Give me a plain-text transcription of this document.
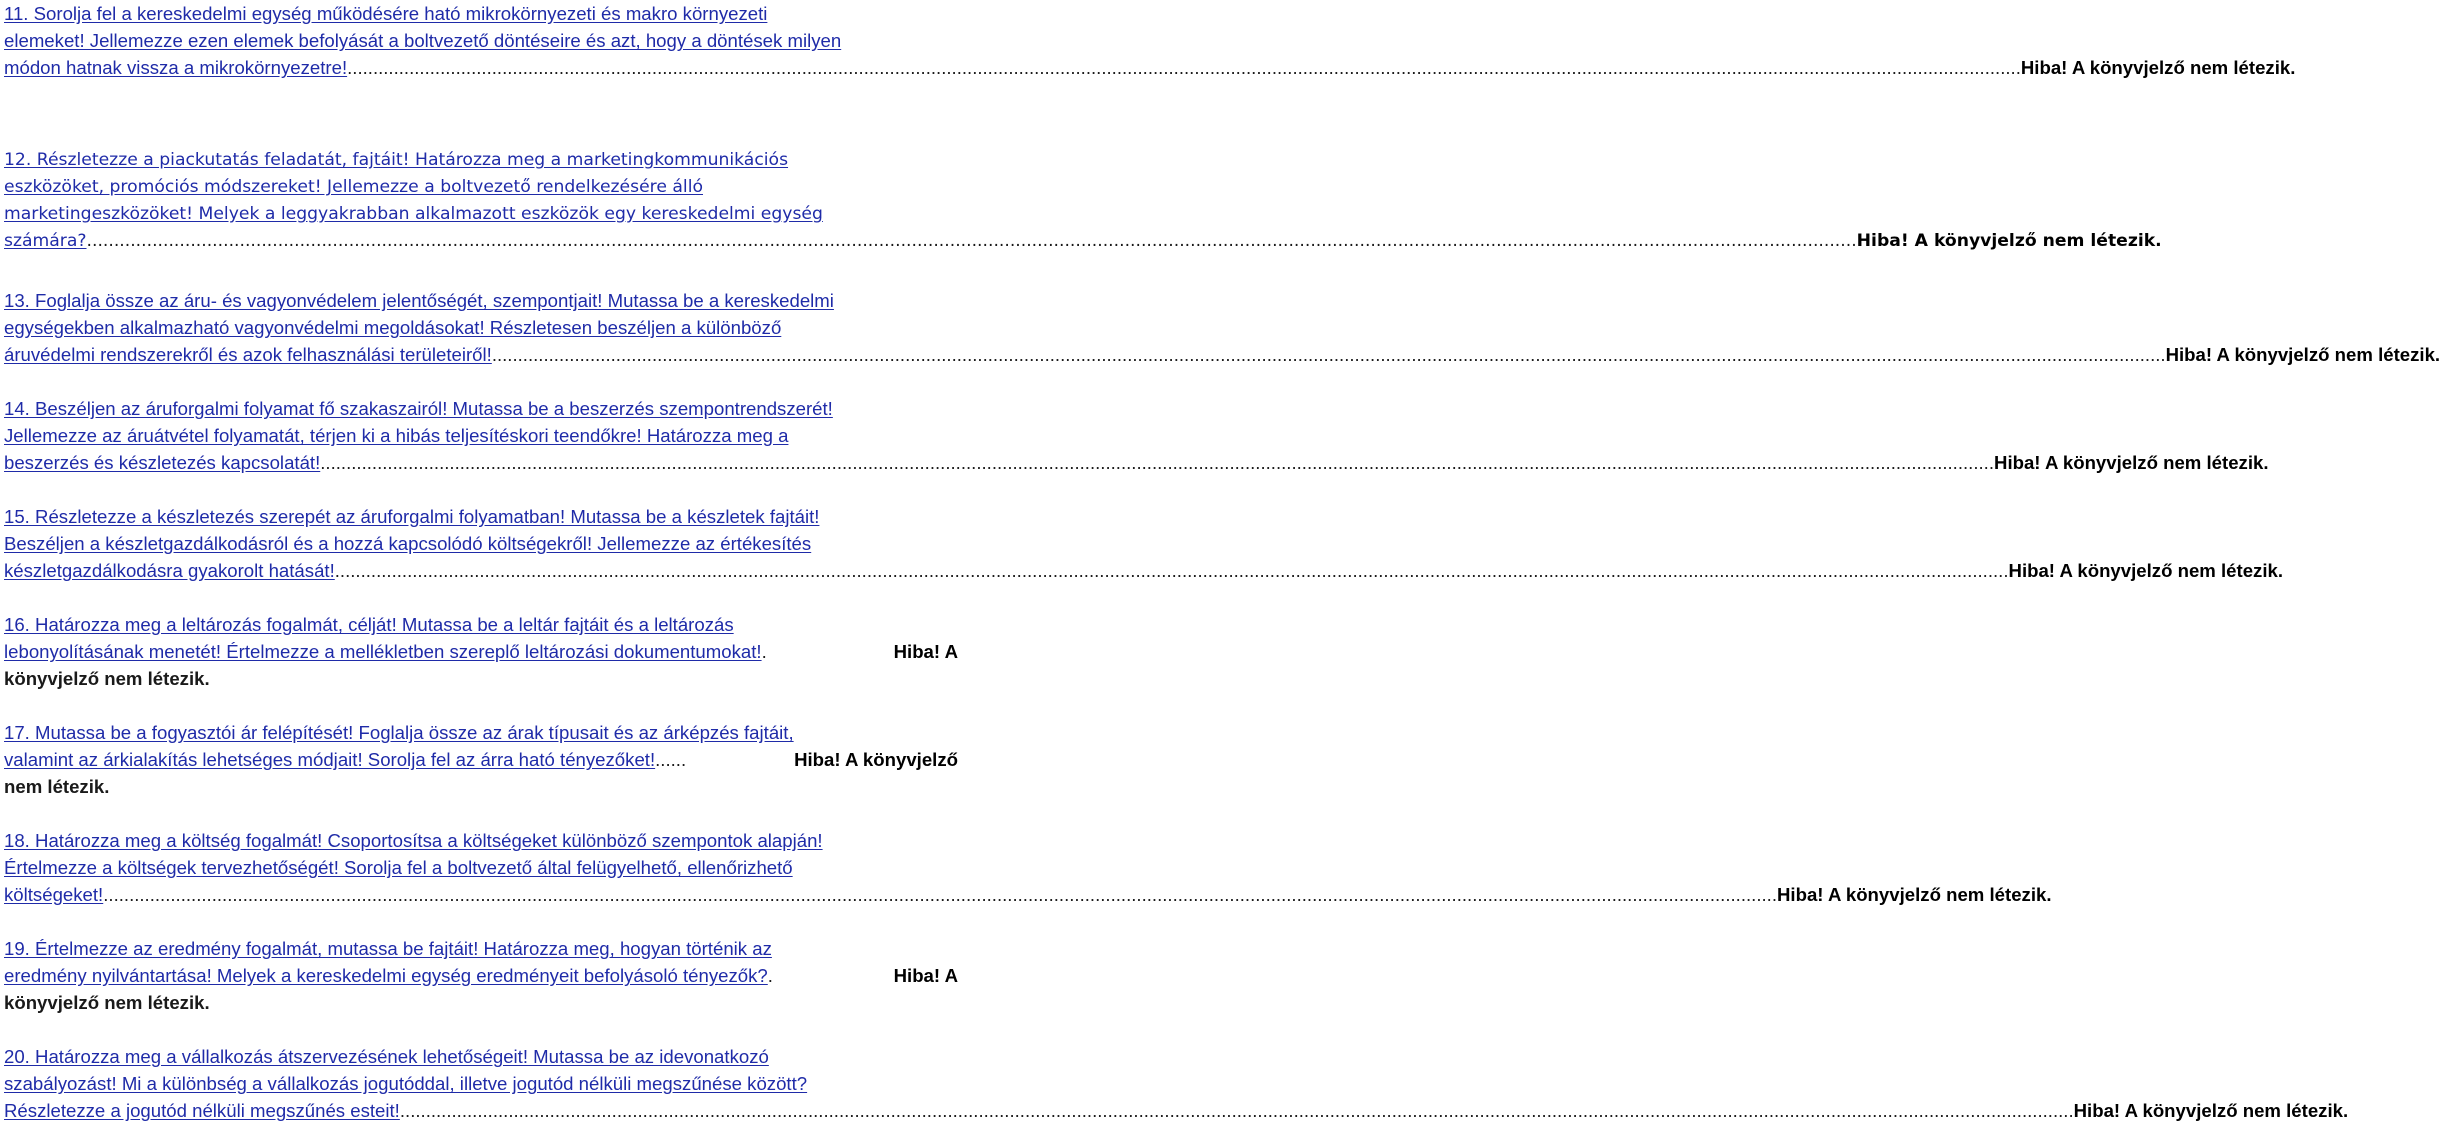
11. Sorolja fel a kereskedelmi egység működésére ható mikrokörnyezeti és makro környezeti
elemeket! Jellemezze ezen elemek befolyását a boltvezető döntéseire és azt, hogy a döntések milyen
módon hatnak vissza a mikrokörnyezetre! .................................................................................................................................................................................................................................................................................................................................... Hiba! A könyvjelző nem létezik.
12. Részletezze a piackutatás feladatát, fajtáit! Határozza meg a marketingkommunikációs
eszközöket, promóciós módszereket! Jellemezze a boltvezető rendelkezésére álló
marketingeszközöket! Melyek a leggyakrabban alkalmazott eszközök egy kereskedelmi egység
számára? .................................................................................................................................................................................................................................................................................................................................... Hiba! A könyvjelző nem létezik.
13. Foglalja össze az áru- és vagyonvédelem jelentőségét, szempontjait! Mutassa be a kereskedelmi
egységekben alkalmazható vagyonvédelmi megoldásokat! Részletesen beszéljen a különböző
áruvédelmi rendszerekről és azok felhasználási területeiről! .................................................................................................................................................................................................................................................................................................................................... Hiba! A könyvjelző nem létezik.
14. Beszéljen az áruforgalmi folyamat fő szakaszairól! Mutassa be a beszerzés szempontrendszerét!
Jellemezze az áruátvétel folyamatát, térjen ki a hibás teljesítéskori teendőkre! Határozza meg a
beszerzés és készletezés kapcsolatát! .................................................................................................................................................................................................................................................................................................................................... Hiba! A könyvjelző nem létezik.
15. Részletezze a készletezés szerepét az áruforgalmi folyamatban! Mutassa be a készletek fajtáit!
Beszéljen a készletgazdálkodásról és a hozzá kapcsolódó költségekről! Jellemezze az értékesítés
készletgazdálkodásra gyakorolt hatását! .................................................................................................................................................................................................................................................................................................................................... Hiba! A könyvjelző nem létezik.
16. Határozza meg a leltározás fogalmát, célját! Mutassa be a leltár fajtáit és a leltározás
lebonyolításának menetét! Értelmezze a mellékletben szereplő leltározási dokumentumokat! .	Hiba! A
könyvjelző nem létezik.
17. Mutassa be a fogyasztói ár felépítését! Foglalja össze az árak típusait és az árképzés fajtáit,
valamint az árkialakítás lehetséges módjait! Sorolja fel az árra ható tényezőket! ......	Hiba! A könyvjelző
nem létezik.
18. Határozza meg a költség fogalmát! Csoportosítsa a költségeket különböző szempontok alapján!
Értelmezze a költségek tervezhetőségét! Sorolja fel a boltvezető által felügyelhető, ellenőrizhető
költségeket! .................................................................................................................................................................................................................................................................................................................................... Hiba! A könyvjelző nem létezik.
19. Értelmezze az eredmény fogalmát, mutassa be fajtáit! Határozza meg, hogyan történik az
eredmény nyilvántartása! Melyek a kereskedelmi egység eredményeit befolyásoló tényezők? .	Hiba! A
könyvjelző nem létezik.
20. Határozza meg a vállalkozás átszervezésének lehetőségeit! Mutassa be az idevonatkozó
szabályozást! Mi a különbség a vállalkozás jogutóddal, illetve jogutód nélküli megszűnése között?
Részletezze a jogutód nélküli megszűnés esteit! .................................................................................................................................................................................................................................................................................................................................... Hiba! A könyvjelző nem létezik.
